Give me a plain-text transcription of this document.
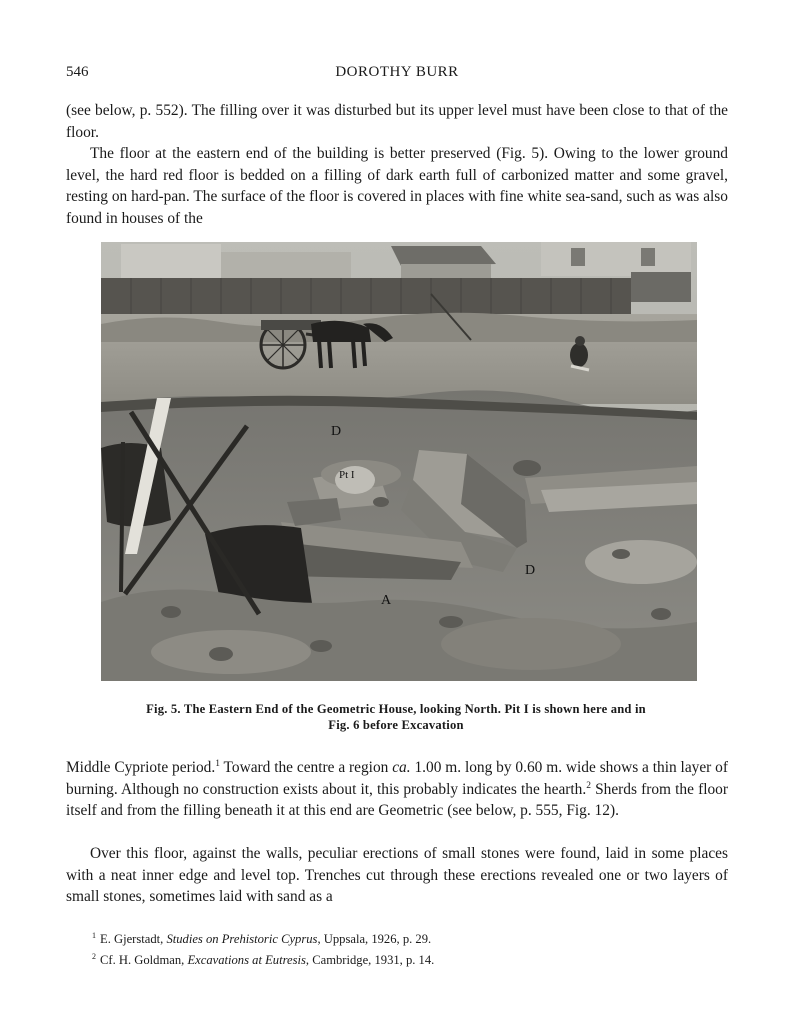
546	DOROTHY BURR

(see below, p. 552). The filling over it was disturbed but its upper level must have been close to that of the floor.

The floor at the eastern end of the building is better preserved (Fig. 5). Owing to the lower ground level, the hard red floor is bedded on a filling of dark earth full of carbonized matter and some gravel, resting on hard-pan. The surface of the floor is covered in places with fine white sea-sand, such as was also found in houses of the

D
Pt I
D
A
Fig. 5. The Eastern End of the Geometric House, looking North. Pit I is shown here and in
Fig. 6 before Excavation

Middle Cypriote period.$^1$ Toward the centre a region ca. 1.00 m. long by 0.60 m. wide shows a thin layer of burning. Although no construction exists about it, this probably indicates the hearth.$^2$ Sherds from the floor itself and from the filling beneath it at this end are Geometric (see below, p. 555, Fig. 12).

Over this floor, against the walls, peculiar erections of small stones were found, laid in some places with a neat inner edge and level top. Trenches cut through these erections revealed one or two layers of small stones, sometimes laid with sand as a

$^1$ E. Gjerstadt, Studies on Prehistoric Cyprus, Uppsala, 1926, p. 29.
$^2$ Cf. H. Goldman, Excavations at Eutresis, Cambridge, 1931, p. 14.
